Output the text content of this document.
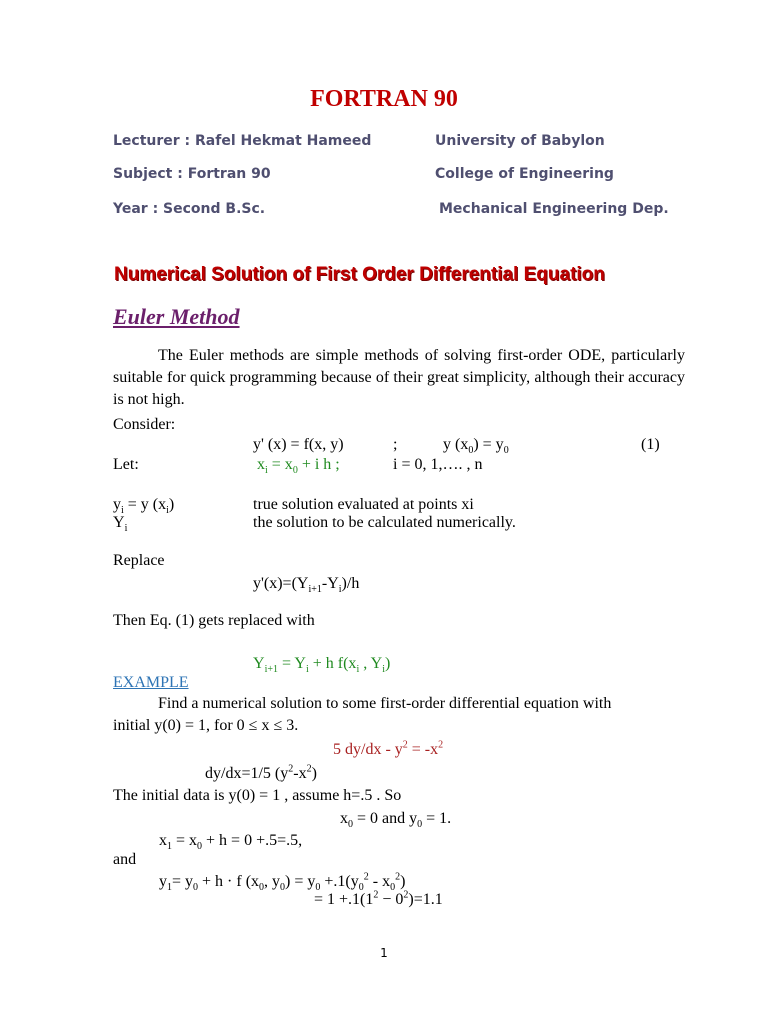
FORTRAN 90
Lecturer : Rafel Hekmat Hameed	University of Babylon
Subject : Fortran 90	College of Engineering
Year : Second B.Sc.	Mechanical Engineering Dep.
Numerical Solution of First Order Differential Equation
Euler Method
The Euler methods are simple methods of solving first-order ODE, particularly suitable for quick programming because of their great simplicity, although their accuracy is not high.
Consider:
y' (x) = f(x, y)	;	y $(x_0) = y_0$	(1)
Let:	$x_i = x_0 + i$ h ;	i = 0, 1,…. , n
$y_i = y$ $(x_i)$	true solution evaluated at points xi
$Y_i$	the solution to be calculated numerically.
Replace
$y'(x)=(Y_{i+1}-Y_i)/h$
Then Eq. (1) gets replaced with
$Y_{i+1} = Y_i + h$ $f(x_i$ , $Y_i$)
EXAMPLE
Find a numerical solution to some first-order differential equation with
initial y(0) = 1, for 0 ≤ x ≤ 3.
5 $dy/dx - y^2 = -x^2$
dy/dx=1/5 $(y^2-x^2)$
The initial data is y(0) = 1 , assume h=.5 . So
$x_0 = 0$ and $y_0 = 1$.
$x_1 = x_0 + h = 0 +.5=.5$,
and
$y_1= y_0 + h \cdot f$ ($x_0$, $y_0) = y_0 +.1(y_0^2 - x_0^2)$
= $1 +.1(1^2 - 0^2)=1.1$
1
